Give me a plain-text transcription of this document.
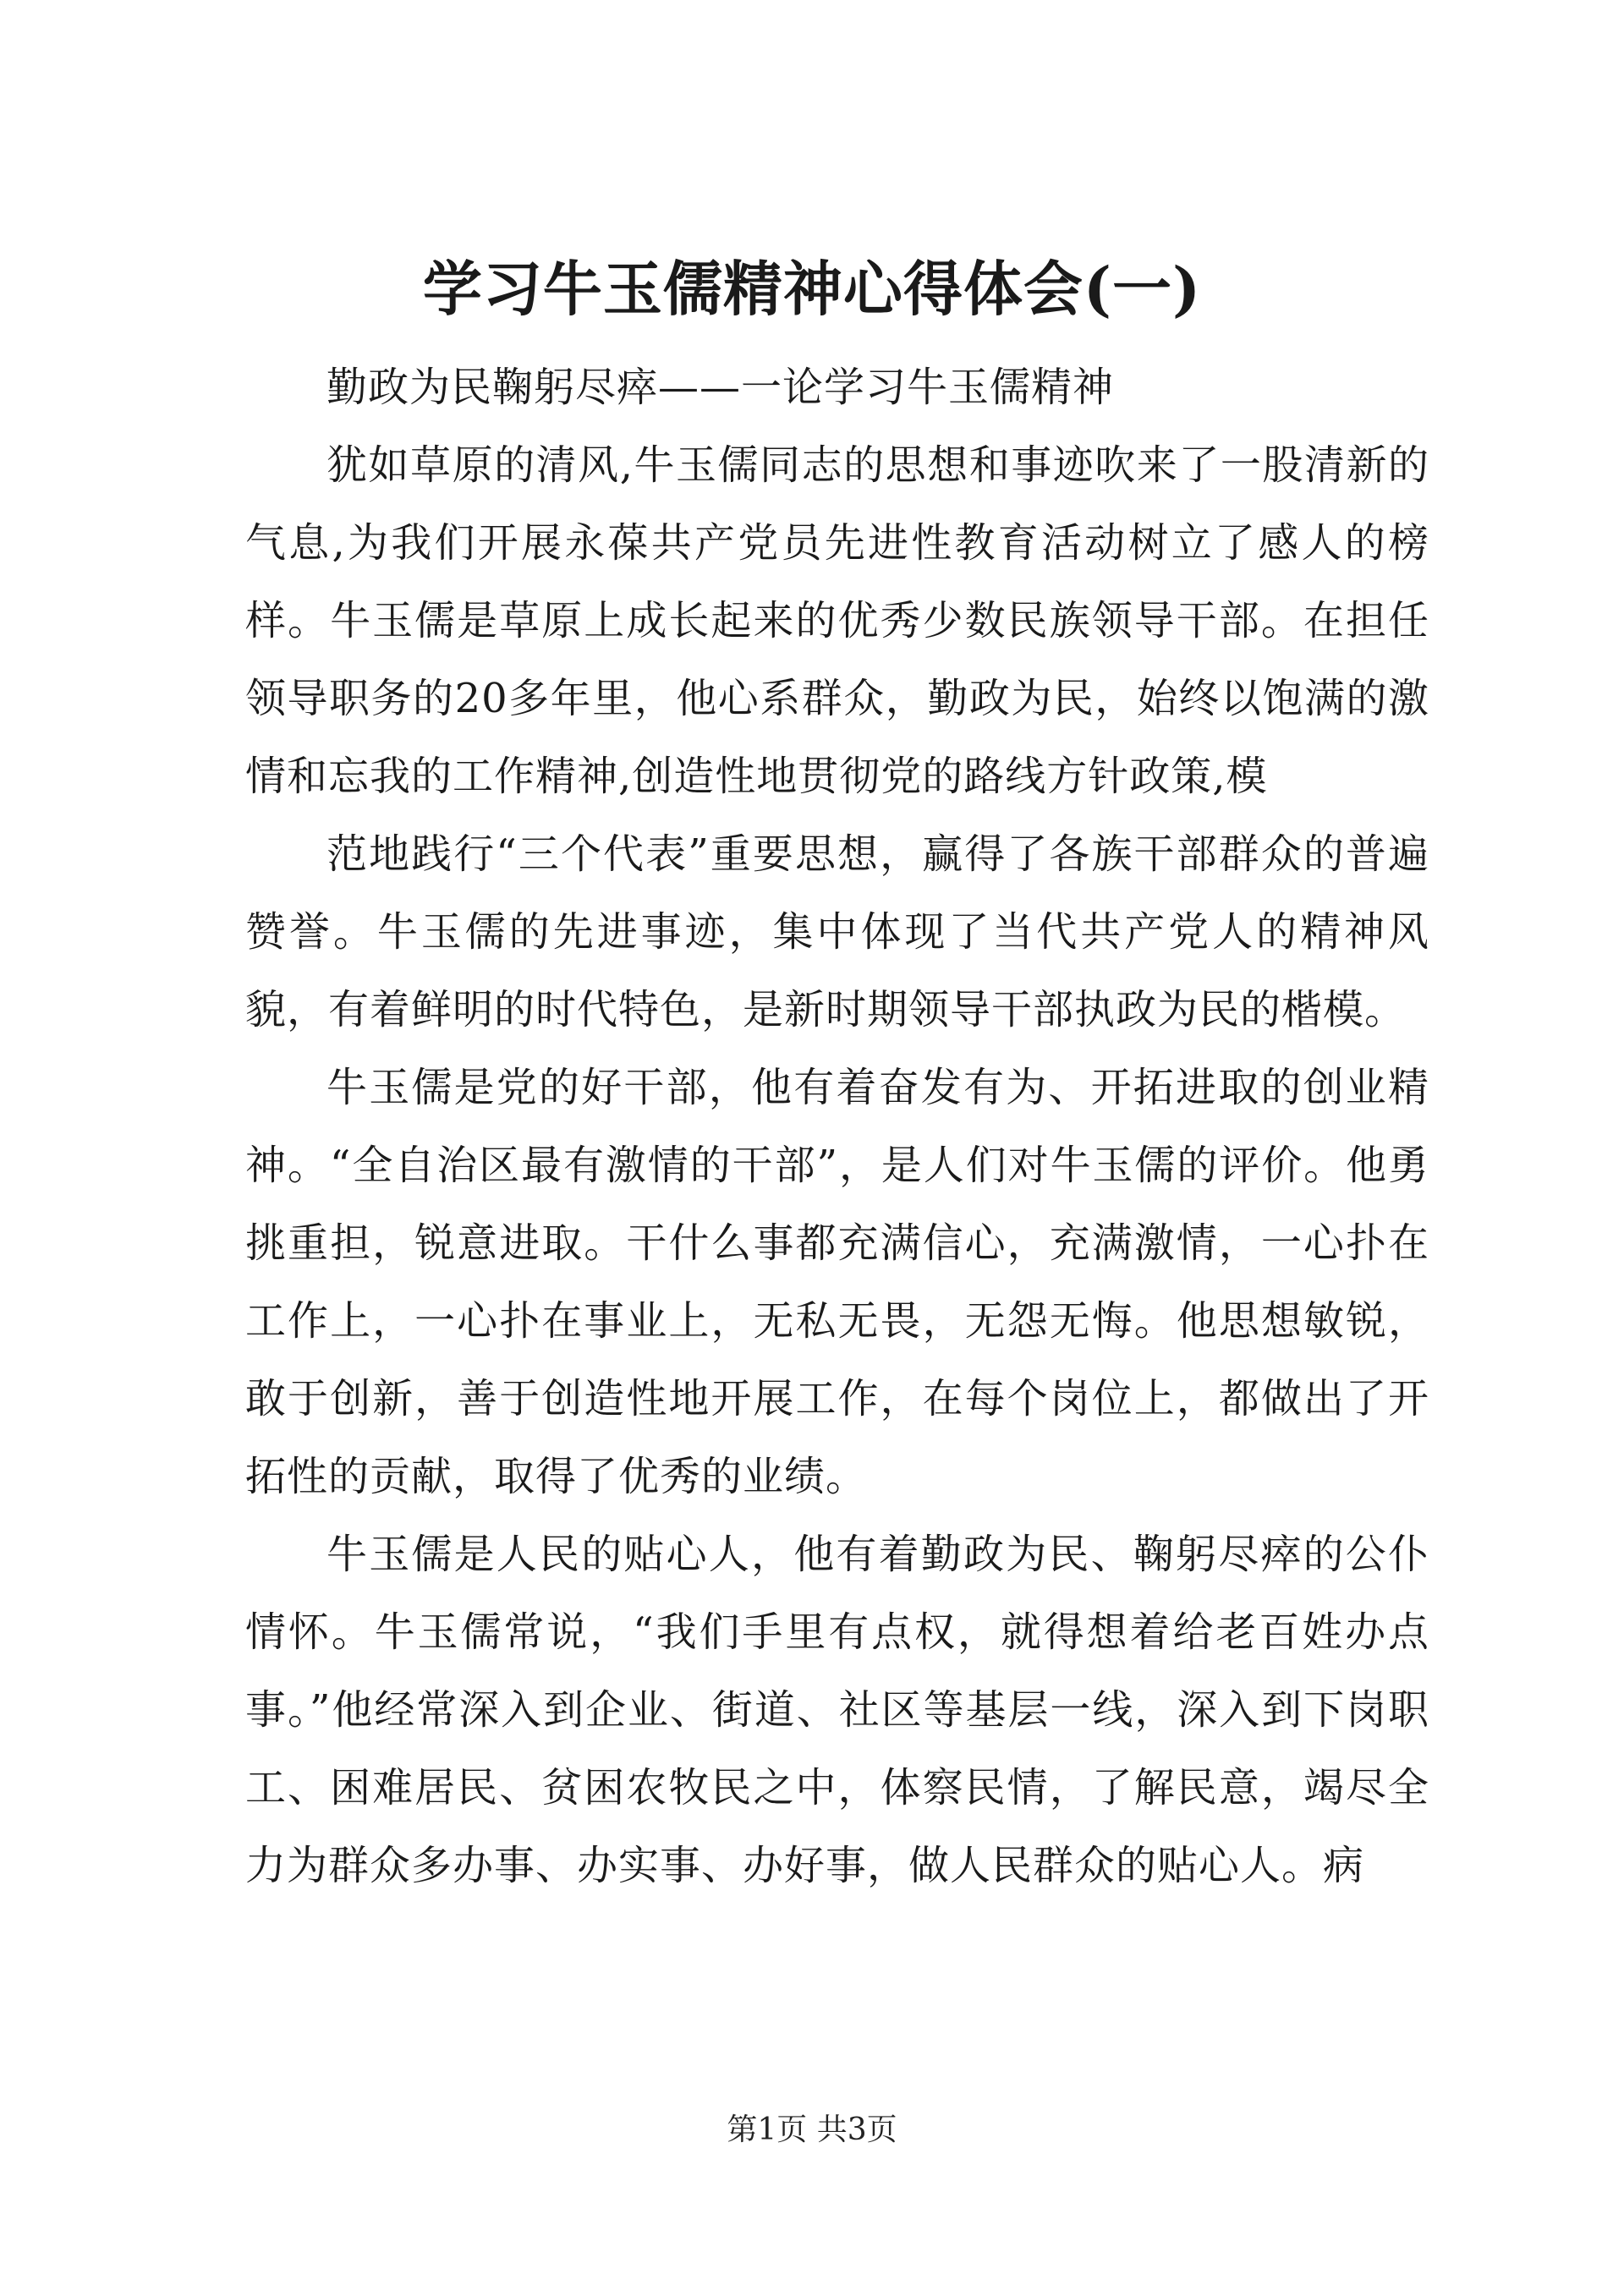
学习牛玉儒精神心得体会(一)

勤政为民鞠躬尽瘁——一论学习牛玉儒精神

犹如草原的清风,牛玉儒同志的思想和事迹吹来了一股清新的气息,为我们开展永葆共产党员先进性教育活动树立了感人的榜样。牛玉儒是草原上成长起来的优秀少数民族领导干部。在担任领导职务的20多年里，他心系群众，勤政为民，始终以饱满的激情和忘我的工作精神,创造性地贯彻党的路线方针政策,模

范地践行“三个代表”重要思想，赢得了各族干部群众的普遍赞誉。牛玉儒的先进事迹，集中体现了当代共产党人的精神风貌，有着鲜明的时代特色，是新时期领导干部执政为民的楷模。

牛玉儒是党的好干部，他有着奋发有为、开拓进取的创业精神。“全自治区最有激情的干部”，是人们对牛玉儒的评价。他勇挑重担，锐意进取。干什么事都充满信心，充满激情，一心扑在工作上，一心扑在事业上，无私无畏，无怨无悔。他思想敏锐，敢于创新，善于创造性地开展工作，在每个岗位上，都做出了开拓性的贡献，取得了优秀的业绩。

牛玉儒是人民的贴心人，他有着勤政为民、鞠躬尽瘁的公仆情怀。牛玉儒常说，“我们手里有点权，就得想着给老百姓办点事。”他经常深入到企业、街道、社区等基层一线，深入到下岗职工、困难居民、贫困农牧民之中，体察民情，了解民意，竭尽全力为群众多办事、办实事、办好事，做人民群众的贴心人。病

第1页 共3页
